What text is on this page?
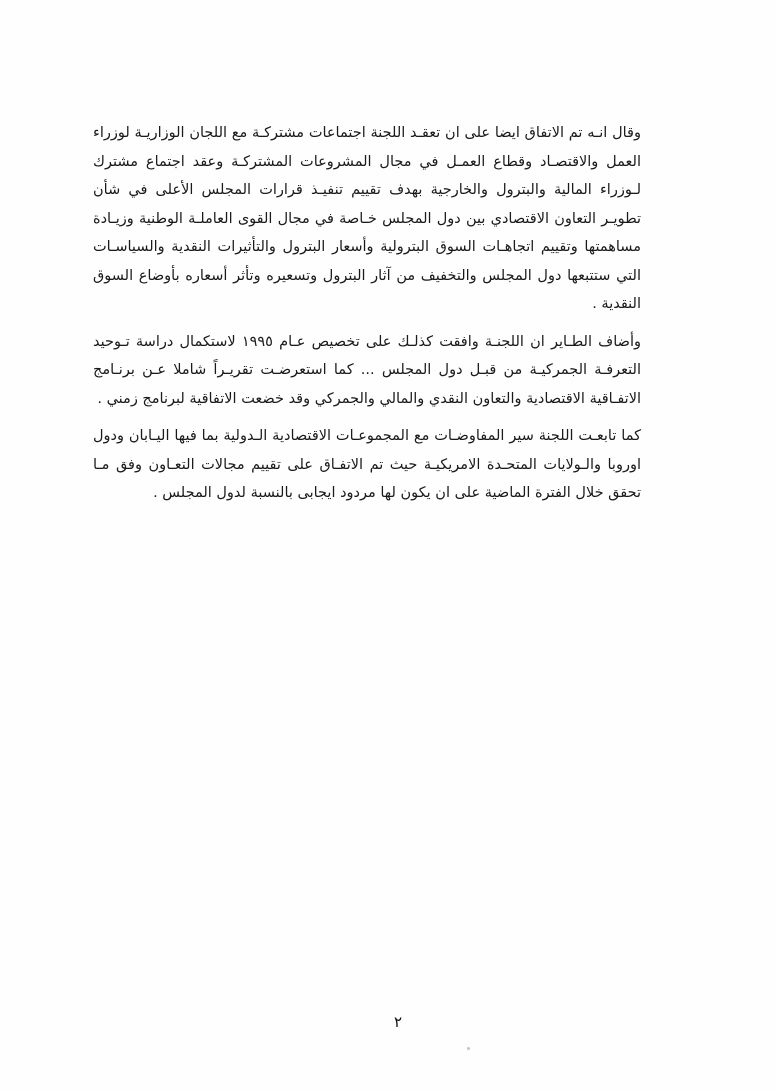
وقال انـه تم الاتفاق ايضا على ان تعقـد اللجنة اجتماعات مشتركـة مع اللجان الوزاريـة لوزراء العمل والاقتصـاد وقطاع العمـل في مجال المشروعات المشتركـة وعقد اجتماع مشترك لـوزراء المالية والبترول والخارجية بهدف تقييم تنفيـذ قرارات المجلس الأعلى في شأن تطويـر التعاون الاقتصادي بين دول المجلس خـاصة في مجال القوى العاملـة الوطنية وزيـادة مساهمتها وتقييم اتجاهـات السوق البترولية وأسعار البترول والتأثيرات النقدية والسياسـات التي ستتبعها دول المجلس والتخفيف من آثار البترول وتسعيره وتأثر أسعاره بأوضاع السوق النقدية .

وأضاف الطـاير ان اللجنـة وافقت كذلـك على تخصيص عـام ١٩٩٥ لاستكمال دراسة تـوحيد التعرفـة الجمركيـة من قبـل دول المجلس ... كما استعرضـت تقريـراً شاملا عـن برنـامج الاتفـاقية الاقتصادية والتعاون النقدي والمالي والجمركي وقد خضعت الاتفاقية لبرنامج زمني .

كما تابعـت اللجنة سير المفاوضـات مع المجموعـات الاقتصادية الـدولية بما فيها اليـابان ودول اوروبا والـولايات المتحـدة الامريكيـة حيث تم الاتفـاق على تقييم مجالات التعـاون وفق مـا تحقق خلال الفترة الماضية على ان يكون لها مردود ايجابى بالنسبة لدول المجلس .

٢
